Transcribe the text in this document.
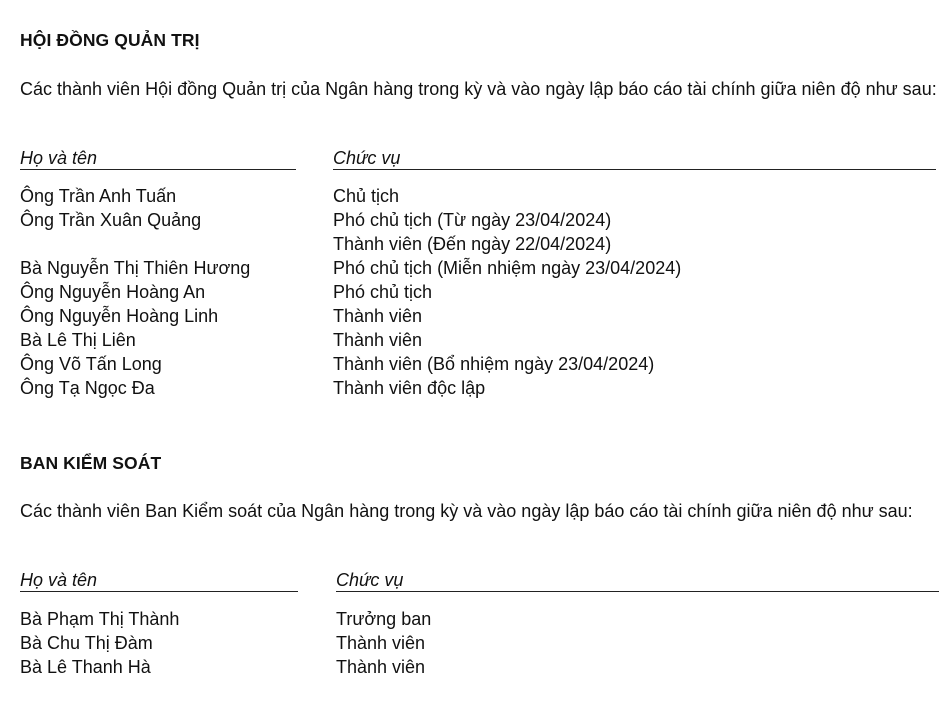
HỘI ĐỒNG QUẢN TRỊ
Các thành viên Hội đồng Quản trị của Ngân hàng trong kỳ và vào ngày lập báo cáo tài chính giữa niên độ như sau:
Họ và tên	Chức vụ
Ông Trần Anh Tuấn	Chủ tịch
Ông Trần Xuân Quảng	Phó chủ tịch (Từ ngày 23/04/2024)
Thành viên (Đến ngày 22/04/2024)
Bà Nguyễn Thị Thiên Hương	Phó chủ tịch (Miễn nhiệm ngày 23/04/2024)
Ông Nguyễn Hoàng An	Phó chủ tịch
Ông Nguyễn Hoàng Linh	Thành viên
Bà Lê Thị Liên	Thành viên
Ông Võ Tấn Long	Thành viên (Bổ nhiệm ngày 23/04/2024)
Ông Tạ Ngọc Đa	Thành viên độc lập
BAN KIỂM SOÁT
Các thành viên Ban Kiểm soát của Ngân hàng trong kỳ và vào ngày lập báo cáo tài chính giữa niên độ như sau:
Họ và tên	Chức vụ
Bà Phạm Thị Thành	Trưởng ban
Bà Chu Thị Đàm	Thành viên
Bà Lê Thanh Hà	Thành viên
